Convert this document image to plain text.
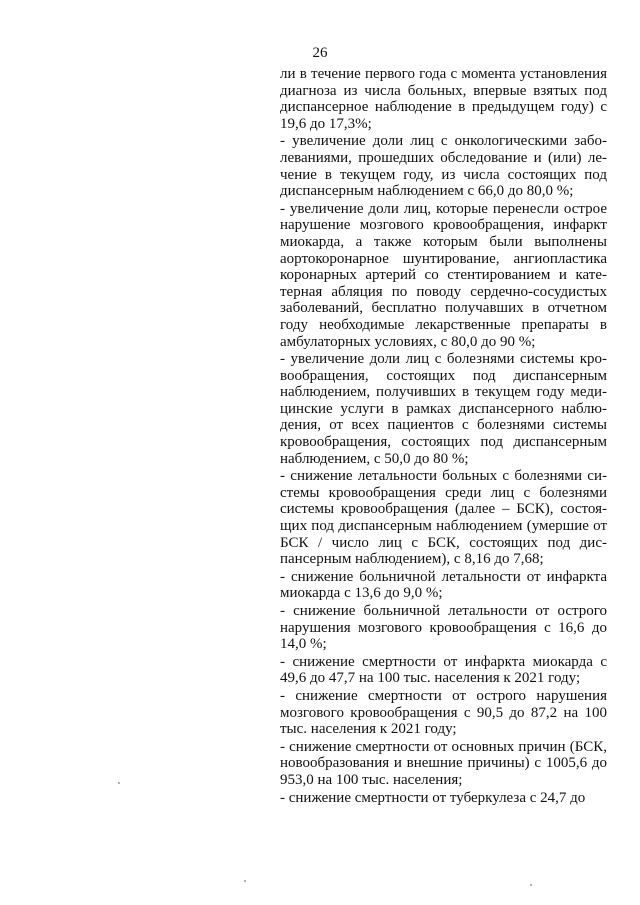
26

ли в течение первого года с момента установления диагноза из числа больных, впервые взятых под диспансерное наблюдение в предыдущем году) с 19,6 до 17,3%;

- увеличение доли лиц с онкологическими заболеваниями, прошедших обследование и (или) лечение в текущем году, из числа состоящих под диспансерным наблюдением с 66,0 до 80,0 %;

- увеличение доли лиц, которые перенесли острое нарушение мозгового кровообращения, инфаркт миокарда, а также которым были выполнены аортокоронарное шунтирование, ангиопластика коронарных артерий со стентированием и катетерная абляция по поводу сердечно-сосудистых заболеваний, бесплатно получавших в отчетном году необходимые лекарственные препараты в амбулаторных условиях, с 80,0 до 90 %;

- увеличение доли лиц с болезнями системы кровообращения, состоящих под диспансерным наблюдением, получивших в текущем году медицинские услуги в рамках диспансерного наблюдения, от всех пациентов с болезнями системы кровообращения, состоящих под диспансерным наблюдением, с 50,0 до 80 %;

- снижение летальности больных с болезнями системы кровообращения среди лиц с болезнями системы кровообращения (далее – БСК), состоящих под диспансерным наблюдением (умершие от БСК / число лиц с БСК, состоящих под диспансерным наблюдением), с 8,16 до 7,68;

- снижение больничной летальности от инфаркта миокарда с 13,6 до 9,0 %;

- снижение больничной летальности от острого нарушения мозгового кровообращения с 16,6 до 14,0 %;

- снижение смертности от инфаркта миокарда с 49,6 до 47,7 на 100 тыс. населения к 2021 году;

- снижение смертности от острого нарушения мозгового кровообращения с 90,5 до 87,2 на 100 тыс. населения к 2021 году;

- снижение смертности от основных причин (БСК, новообразования и внешние причины) с 1005,6 до 953,0 на 100 тыс. населения;

- снижение смертности от туберкулеза с 24,7 до
